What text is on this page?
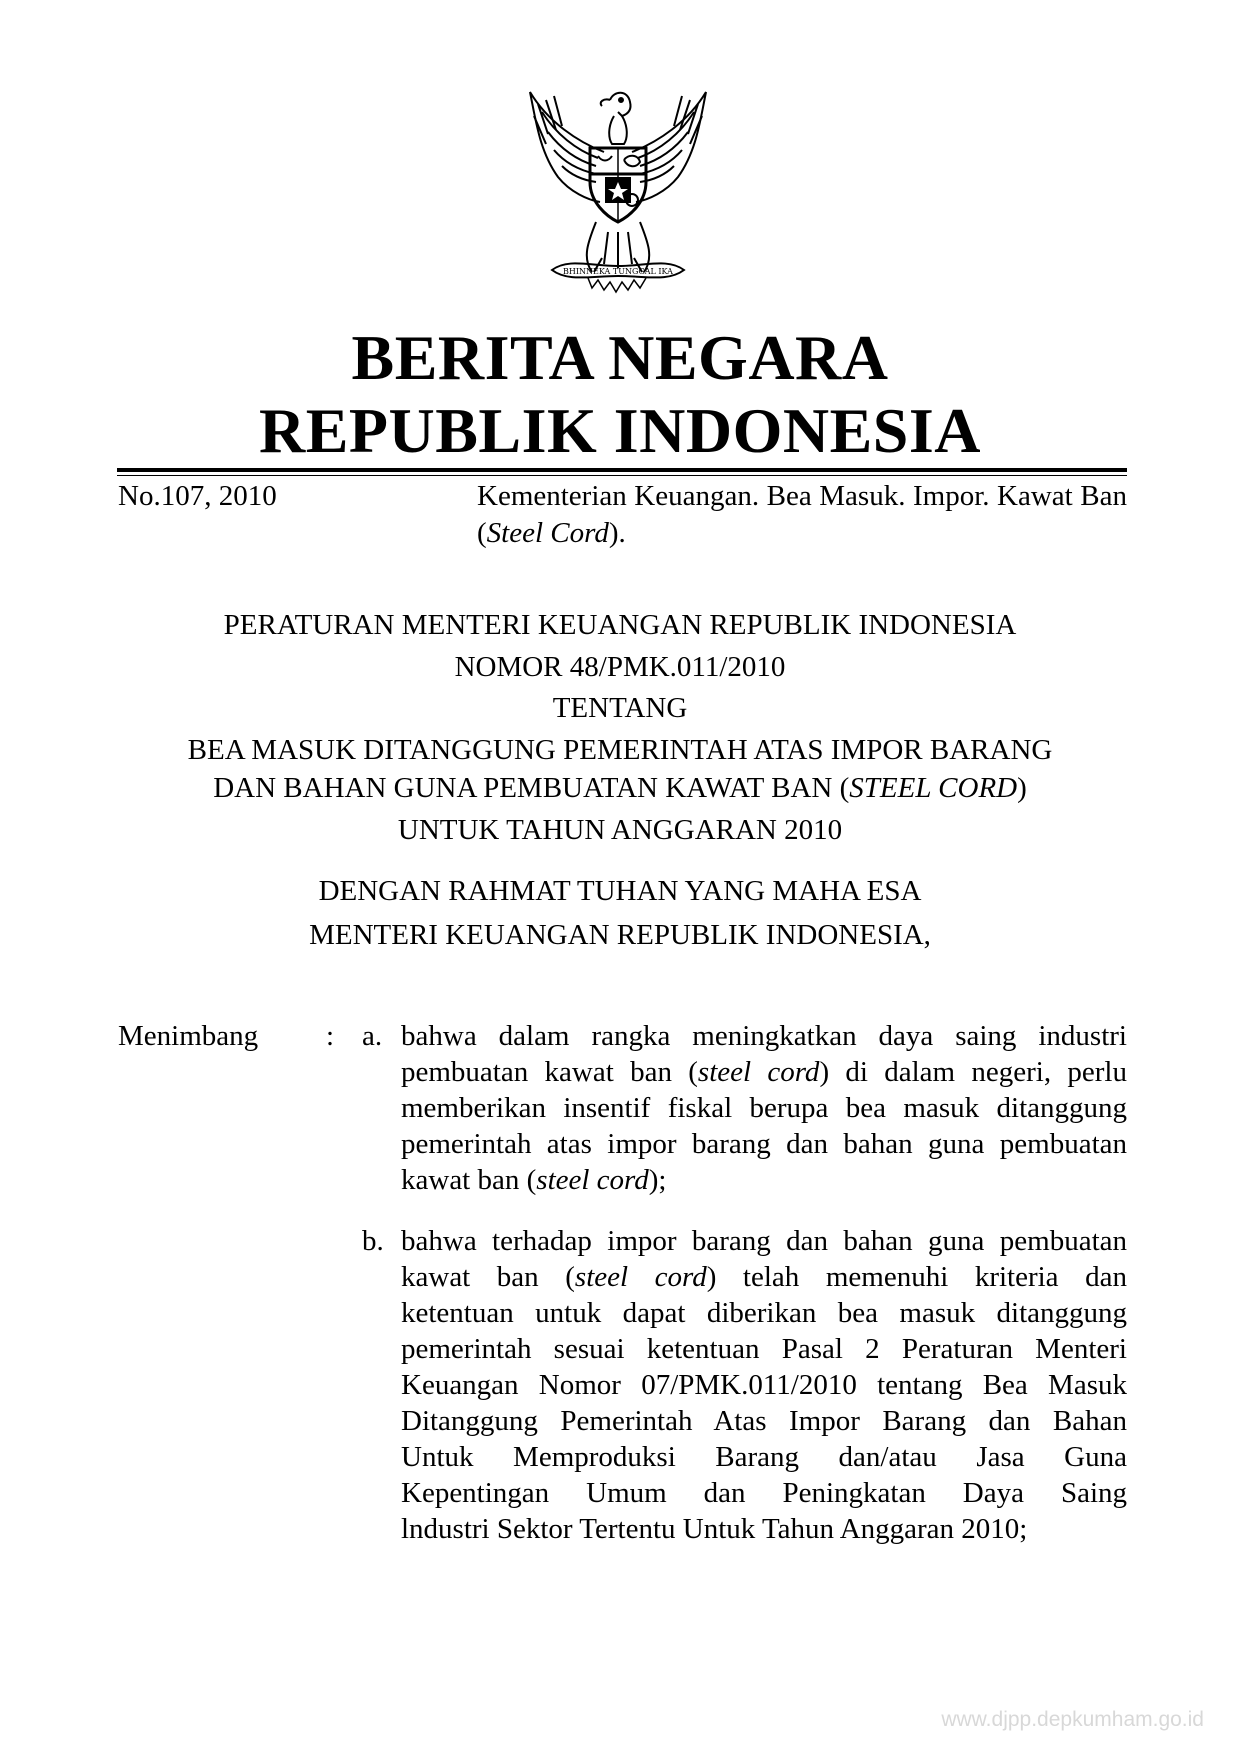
BHINNEKA TUNGGAL IKA
BERITA NEGARA
REPUBLIK INDONESIA
No.107, 2010	Kementerian Keuangan. Bea Masuk. Impor. Kawat Ban (Steel Cord).
PERATURAN MENTERI KEUANGAN REPUBLIK INDONESIA
NOMOR 48/PMK.011/2010
TENTANG
BEA MASUK DITANGGUNG PEMERINTAH ATAS IMPOR BARANG
DAN BAHAN GUNA PEMBUATAN KAWAT BAN (STEEL CORD)
UNTUK TAHUN ANGGARAN 2010
DENGAN RAHMAT TUHAN YANG MAHA ESA
MENTERI KEUANGAN REPUBLIK INDONESIA,
Menimbang : a. bahwa dalam rangka meningkatkan daya saing industri
pembuatan kawat ban (steel cord) di dalam negeri, perlu
memberikan insentif fiskal berupa bea masuk ditanggung
pemerintah atas impor barang dan bahan guna pembuatan
kawat ban (steel cord);
b. bahwa terhadap impor barang dan bahan guna pembuatan
kawat ban (steel cord) telah memenuhi kriteria dan
ketentuan untuk dapat diberikan bea masuk ditanggung
pemerintah sesuai ketentuan Pasal 2 Peraturan Menteri
Keuangan Nomor 07/PMK.011/2010 tentang Bea Masuk
Ditanggung Pemerintah Atas Impor Barang dan Bahan
Untuk Memproduksi Barang dan/atau Jasa Guna
Kepentingan Umum dan Peningkatan Daya Saing
lndustri Sektor Tertentu Untuk Tahun Anggaran 2010;
www.djpp.depkumham.go.id
